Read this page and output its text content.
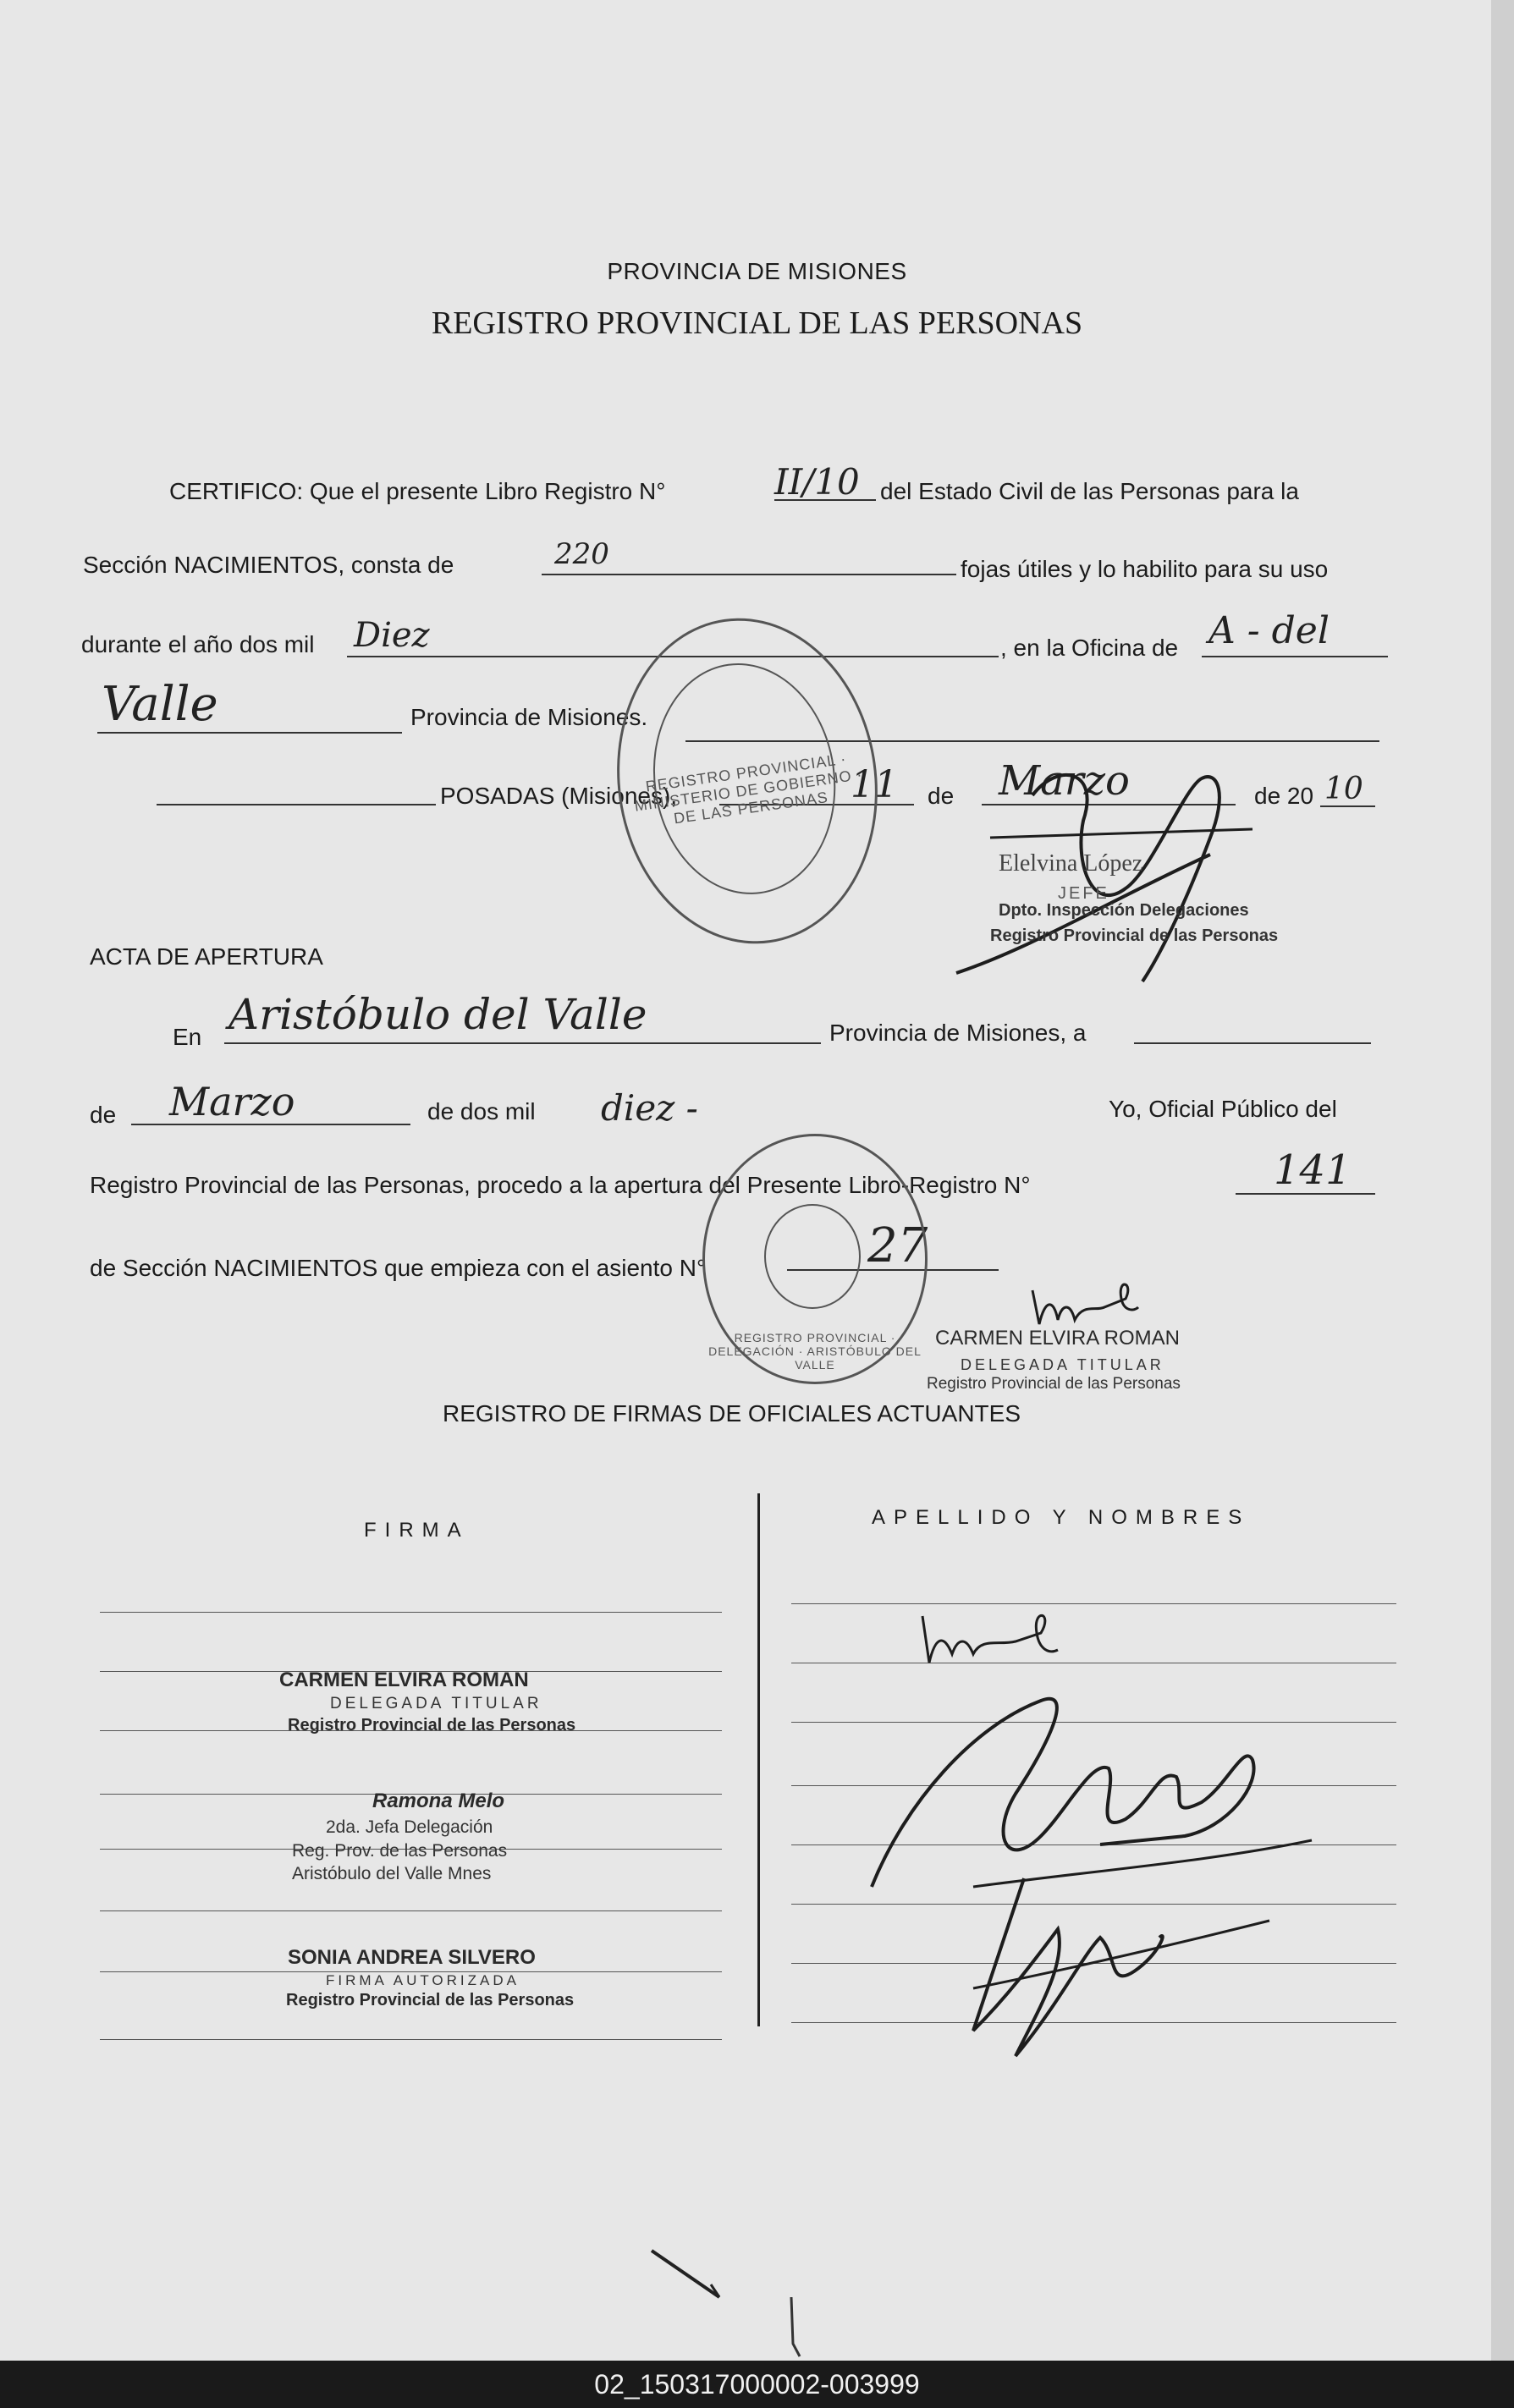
PROVINCIA DE MISIONES
REGISTRO PROVINCIAL DE LAS PERSONAS
CERTIFICO: Que el presente Libro Registro N°	II/10 del Estado Civil de las Personas para la
Sección NACIMIENTOS, consta de	220	fojas útiles y lo habilito para su uso
durante el año dos mil Diez	, en la Oficina de A - del
Valle	Provincia de Misiones.
POSADAS (Misiones),	11 de Marzo	de 20 10
REGISTRO PROVINCIAL · MINISTERIO DE GOBIERNO · DE LAS PERSONAS
Elelvina López
JEFE
Dpto. Inspección Delegaciones
Registro Provincial de las Personas
ACTA DE APERTURA
En Aristóbulo del Valle	Provincia de Misiones, a
de Marzo	de dos mil diez -	Yo, Oficial Público del
Registro Provincial de las Personas, procedo a la apertura del Presente Libro-Registro N°	141
de Sección NACIMIENTOS que empieza con el asiento N°	27
REGISTRO PROVINCIAL · DELEGACIÓN · ARISTÓBULO DEL VALLE
CARMEN ELVIRA ROMAN
DELEGADA TITULAR
Registro Provincial de las Personas
REGISTRO DE FIRMAS DE OFICIALES ACTUANTES
FIRMA
APELLIDO Y NOMBRES
CARMEN ELVIRA ROMAN
DELEGADA TITULAR
Registro Provincial de las Personas
Ramona Melo
2da. Jefa Delegación
Reg. Prov. de las Personas
Aristóbulo del Valle Mnes
SONIA ANDREA SILVERO
FIRMA AUTORIZADA
Registro Provincial de las Personas
02_150317000002-003999
